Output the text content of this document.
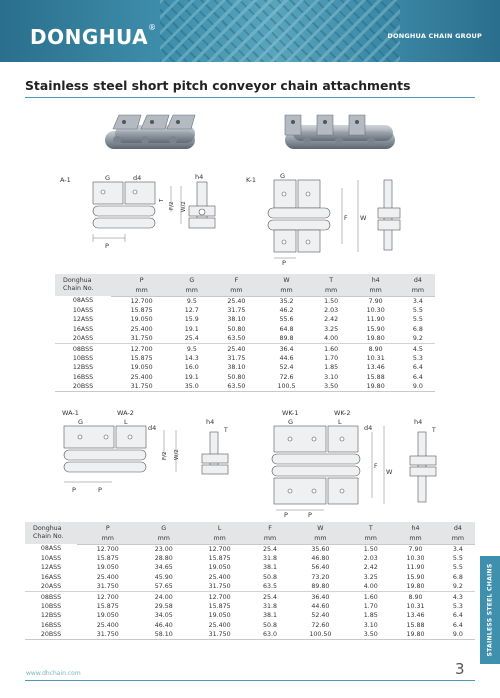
DONGHUA®
DONGHUA CHAIN GROUP
Stainless steel short pitch conveyor chain attachments
A-1	K-1
G	d4	h4
T
F/2 W/2
P
G
F W
P
Donghua Chain No.	P	G	F	W	T	h4	d4
	mm	mm	mm	mm	mm	mm	mm
08ASS	12.700	9.5	25.40	35.2	1.50	7.90	3.4
10ASS	15.875	12.7	31.75	46.2	2.03	10.30	5.5
12ASS	19.050	15.9	38.10	55.6	2.42	11.90	5.5
16ASS	25.400	19.1	50.80	64.8	3.25	15.90	6.8
20ASS	31.750	25.4	63.50	89.8	4.00	19.80	9.2
08BSS	12.700	9.5	25.40	36.4	1.60	8.90	4.5
10BSS	15.875	14.3	31.75	44.6	1.70	10.31	5.3
12BSS	19.050	16.0	38.10	52.4	1.85	13.46	6.4
16BSS	25.400	19.1	50.80	72.6	3.10	15.88	6.4
20BSS	31.750	35.0	63.50	100.5	3.50	19.80	9.0
WA-1	WA-2	WK-1	WK-2
G	L
d4
h4
T
F/2 W/2
P	P
G	L
d4
h4
T
F
W
P	P
Donghua Chain No.	P	G	L	F	W	T	h4	d4
	mm	mm	mm	mm	mm	mm	mm	mm
08ASS	12.700	23.00	12.700	25.4	35.60	1.50	7.90	3.4
10ASS	15.875	28.80	15.875	31.8	46.80	2.03	10.30	5.5
12ASS	19.050	34.65	19.050	38.1	56.40	2.42	11.90	5.5
16ASS	25.400	45.90	25.400	50.8	73.20	3.25	15.90	6.8
20ASS	31.750	57.65	31.750	63.5	89.80	4.00	19.80	9.2
08BSS	12.700	24.00	12.700	25.4	36.40	1.60	8.90	4.3
10BSS	15.875	29.58	15.875	31.8	44.60	1.70	10.31	5.3
12BSS	19.050	34.05	19.050	38.1	52.40	1.85	13.46	6.4
16BSS	25.400	46.40	25.400	50.8	72.60	3.10	15.88	6.4
20BSS	31.750	58.10	31.750	63.0	100.50	3.50	19.80	9.0	STAINLESS STEEL CHAINS
www.dhchain.com	3
